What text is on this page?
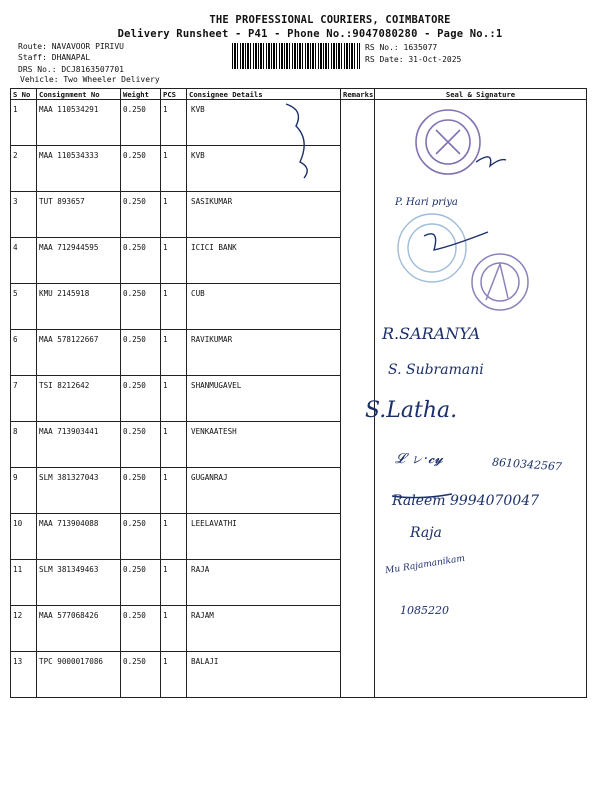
THE PROFESSIONAL COURIERS, COIMBATORE
Delivery Runsheet - P41 - Phone No.:9047080280 - Page No.:1
Route: NAVAVOOR PIRIVU
Staff: DHANAPAL
DRS No.: DCJ8163507701
Vehicle: Two Wheeler Delivery
RS No.: 1635077
RS Date: 31-Oct-2025
S No	Consignment No	Weight	PCS	Consignee Details	Remarks	Seal & Signature
1	MAA 110534291	0.250	1	KVB		
2	MAA 110534333	0.250	1	KVB		
3	TUT 893657	0.250	1	SASIKUMAR		
4	MAA 712944595	0.250	1	ICICI BANK		
5	KMU 2145918	0.250	1	CUB		
6	MAA 578122667	0.250	1	RAVIKUMAR		
7	TSI 8212642	0.250	1	SHANMUGAVEL		
8	MAA 713903441	0.250	1	VENKAATESH		
9	SLM 381327043	0.250	1	GUGANRAJ		
10	MAA 713904088	0.250	1	LEELAVATHI		
11	SLM 381349463	0.250	1	RAJA		
12	MAA 577068426	0.250	1	RAJAM		
13	TPC 9000017086	0.250	1	BALAJI		
P. Hari priya
R.SARANYA
S. Subramani
S.Latha.
8610342567
𝓛 ㇾ·𝓬𝔂
Raleem 9994070047
Raja
Mu Rajamanikam
1085220
